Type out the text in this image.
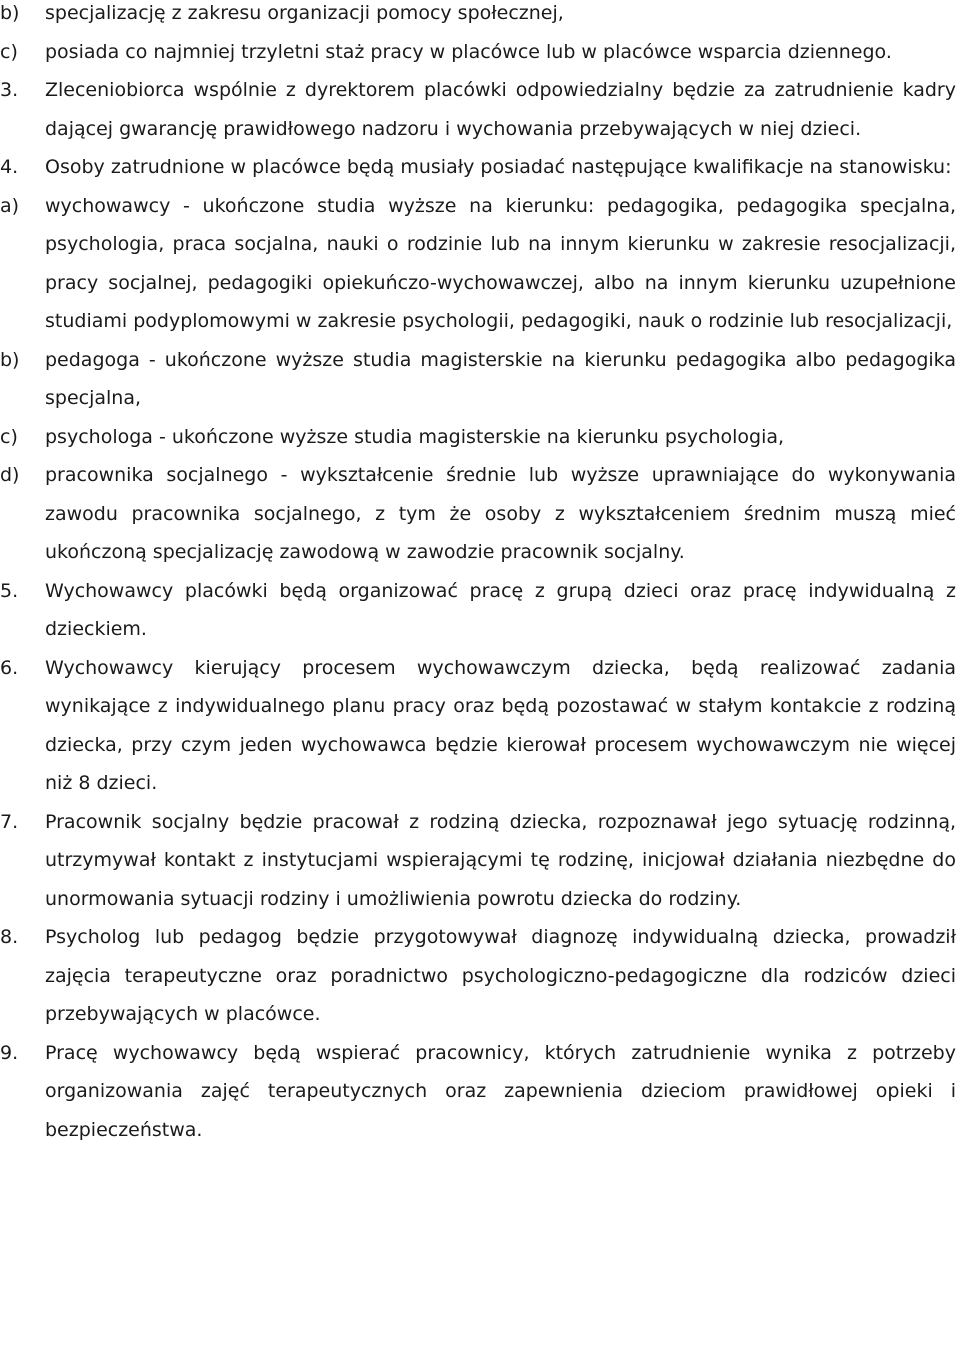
b)	specjalizację z zakresu organizacji pomocy społecznej,
c)	posiada co najmniej trzyletni staż pracy w placówce lub w placówce wsparcia dziennego.
3.	Zleceniobiorca wspólnie z dyrektorem placówki odpowiedzialny będzie za zatrudnienie kadry dającej gwarancję prawidłowego nadzoru i wychowania przebywających w niej dzieci.
4.	Osoby zatrudnione w placówce będą musiały posiadać następujące kwalifikacje na stanowisku:
a)	wychowawcy - ukończone studia wyższe na kierunku: pedagogika, pedagogika specjalna, psychologia, praca socjalna, nauki o rodzinie lub na innym kierunku w zakresie resocjalizacji, pracy socjalnej, pedagogiki opiekuńczo-wychowawczej, albo na innym kierunku uzupełnione studiami podyplomowymi w zakresie psychologii, pedagogiki, nauk o rodzinie lub resocjalizacji,
b)	pedagoga - ukończone wyższe studia magisterskie na kierunku pedagogika albo pedagogika specjalna,
c)	psychologa - ukończone wyższe studia magisterskie na kierunku psychologia,
d)	pracownika socjalnego - wykształcenie średnie lub wyższe uprawniające do wykonywania zawodu pracownika socjalnego, z tym że osoby z wykształceniem średnim muszą mieć ukończoną specjalizację zawodową w zawodzie pracownik socjalny.
5.	Wychowawcy placówki będą organizować pracę z grupą dzieci oraz pracę indywidualną z dzieckiem.
6.	Wychowawcy kierujący procesem wychowawczym dziecka, będą realizować zadania wynikające z indywidualnego planu pracy oraz będą pozostawać w stałym kontakcie z rodziną dziecka, przy czym jeden wychowawca będzie kierował procesem wychowawczym nie więcej niż 8 dzieci.
7.	Pracownik socjalny będzie pracował z rodziną dziecka, rozpoznawał jego sytuację rodzinną, utrzymywał kontakt z instytucjami wspierającymi tę rodzinę, inicjował działania niezbędne do unormowania sytuacji rodziny i umożliwienia powrotu dziecka do rodziny.
8.	Psycholog lub pedagog będzie przygotowywał diagnozę indywidualną dziecka, prowadził zajęcia terapeutyczne oraz poradnictwo psychologiczno-pedagogiczne dla rodziców dzieci przebywających w placówce.
9.	Pracę wychowawcy będą wspierać pracownicy, których zatrudnienie wynika z potrzeby organizowania zajęć terapeutycznych oraz zapewnienia dzieciom prawidłowej opieki i bezpieczeństwa.
